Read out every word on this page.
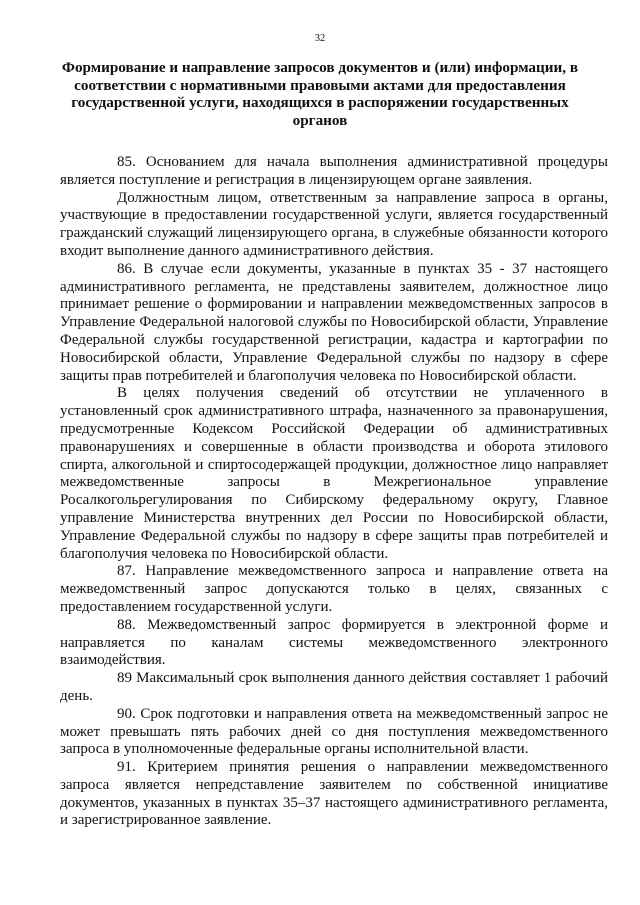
32
Формирование и направление запросов документов и (или) информации, в соответствии с нормативными правовыми актами для предоставления государственной услуги, находящихся в распоряжении государственных органов

85. Основанием для начала выполнения административной процедуры является поступление и регистрация в лицензирующем органе заявления.

Должностным лицом, ответственным за направление запроса в органы, участвующие в предоставлении государственной услуги, является государственный гражданский служащий лицензирующего органа, в служебные обязанности которого входит выполнение данного административного действия.

86. В случае если документы, указанные в пунктах 35 - 37 настоящего административного регламента, не представлены заявителем, должностное лицо принимает решение о формировании и направлении межведомственных запросов в Управление Федеральной налоговой службы по Новосибирской области, Управление Федеральной службы государственной регистрации, кадастра и картографии по Новосибирской области, Управление Федеральной службы по надзору в сфере защиты прав потребителей и благополучия человека по Новосибирской области.

В целях получения сведений об отсутствии не уплаченного в установленный срок административного штрафа, назначенного за правонарушения, предусмотренные Кодексом Российской Федерации об административных правонарушениях и совершенные в области производства и оборота этилового спирта, алкогольной и спиртосодержащей продукции, должностное лицо направляет межведомственные запросы в Межрегиональное управление Росалкогольрегулирования по Сибирскому федеральному округу, Главное управление Министерства внутренних дел России по Новосибирской области, Управление Федеральной службы по надзору в сфере защиты прав потребителей и благополучия человека по Новосибирской области.

87. Направление межведомственного запроса и направление ответа на межведомственный запрос допускаются только в целях, связанных с предоставлением государственной услуги.

88. Межведомственный запрос формируется в электронной форме и направляется по каналам системы межведомственного электронного взаимодействия.

89 Максимальный срок выполнения данного действия составляет 1 рабочий день.

90. Срок подготовки и направления ответа на межведомственный запрос не может превышать пять рабочих дней со дня поступления межведомственного запроса в уполномоченные федеральные органы исполнительной власти.

91. Критерием принятия решения о направлении межведомственного запроса является непредставление заявителем по собственной инициативе документов, указанных в пунктах 35–37 настоящего административного регламента, и зарегистрированное заявление.
